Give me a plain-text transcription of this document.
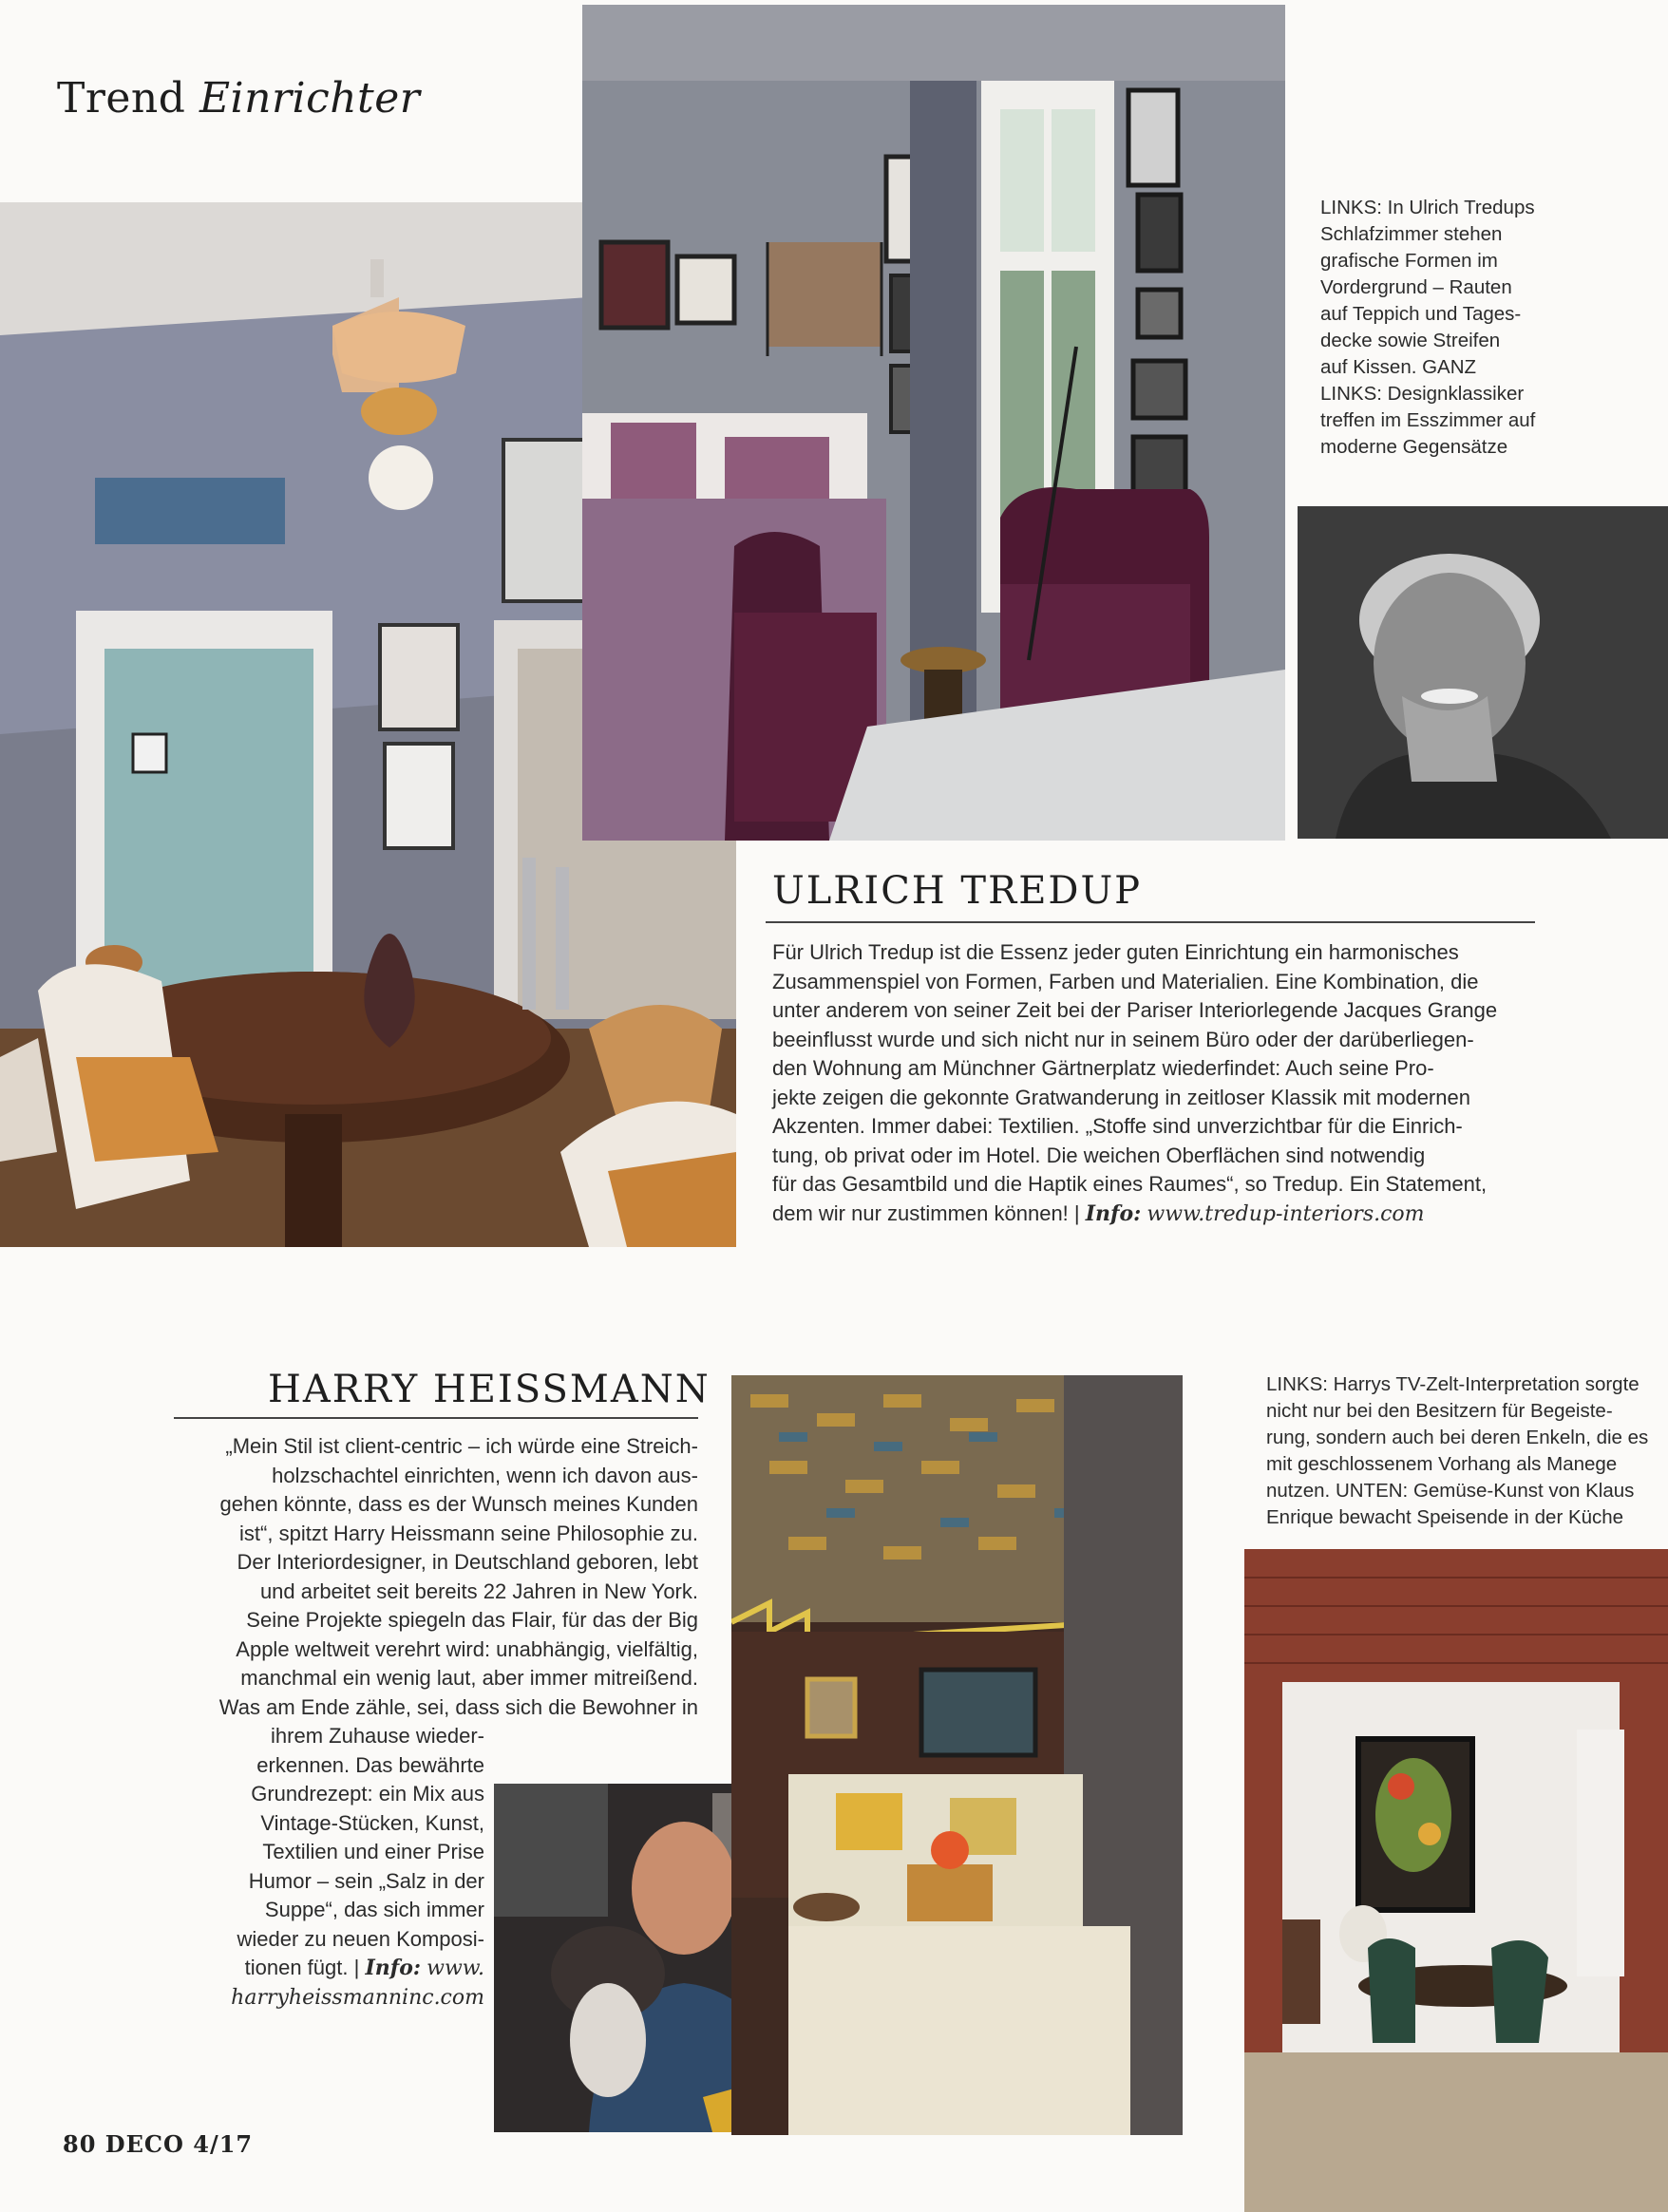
Trend Einrichter
LINKS: In Ulrich Tredups
Schlafzimmer stehen
grafische Formen im
Vordergrund – Rauten
auf Teppich und Tages-
decke sowie Streifen
auf Kissen. GANZ
LINKS: Designklassiker
treffen im Esszimmer auf
moderne Gegensätze
ULRICH TREDUP
Für Ulrich Tredup ist die Essenz jeder guten Einrichtung ein harmonisches
Zusammenspiel von Formen, Farben und Materialien. Eine Kombination, die
unter anderem von seiner Zeit bei der Pariser Interiorlegende Jacques Grange
beeinflusst wurde und sich nicht nur in seinem Büro oder der darüberliegen-
den Wohnung am Münchner Gärtnerplatz wiederfindet: Auch seine Pro-
jekte zeigen die gekonnte Gratwanderung in zeitloser Klassik mit modernen
Akzenten. Immer dabei: Textilien. „Stoffe sind unverzichtbar für die Einrich-
tung, ob privat oder im Hotel. Die weichen Oberflächen sind notwendig
für das Gesamtbild und die Haptik eines Raumes“, so Tredup. Ein Statement,
dem wir nur zustimmen können! | Info: www.tredup-interiors.com
HARRY HEISSMANN
„Mein Stil ist client-centric – ich würde eine Streich-
holzschachtel einrichten, wenn ich davon aus-
gehen könnte, dass es der Wunsch meines Kunden
ist“, spitzt Harry Heissmann seine Philosophie zu.
Der Interiordesigner, in Deutschland geboren, lebt
und arbeitet seit bereits 22 Jahren in New York.
Seine Projekte spiegeln das Flair, für das der Big
Apple weltweit verehrt wird: unabhängig, vielfältig,
manchmal ein wenig laut, aber immer mitreißend.
Was am Ende zähle, sei, dass sich die Bewohner in
ihrem Zuhause wieder-
erkennen. Das bewährte
Grundrezept: ein Mix aus
Vintage-Stücken, Kunst,
Textilien und einer Prise
Humor – sein „Salz in der
Suppe“, das sich immer
wieder zu neuen Komposi-
tionen fügt. | Info: www.
harryheissmanninc.com
LINKS: Harrys TV-Zelt-Interpretation sorgte
nicht nur bei den Besitzern für Begeiste-
rung, sondern auch bei deren Enkeln, die es
mit geschlossenem Vorhang als Manege
nutzen. UNTEN: Gemüse-Kunst von Klaus
Enrique bewacht Speisende in der Küche
80 DECO 4/17
